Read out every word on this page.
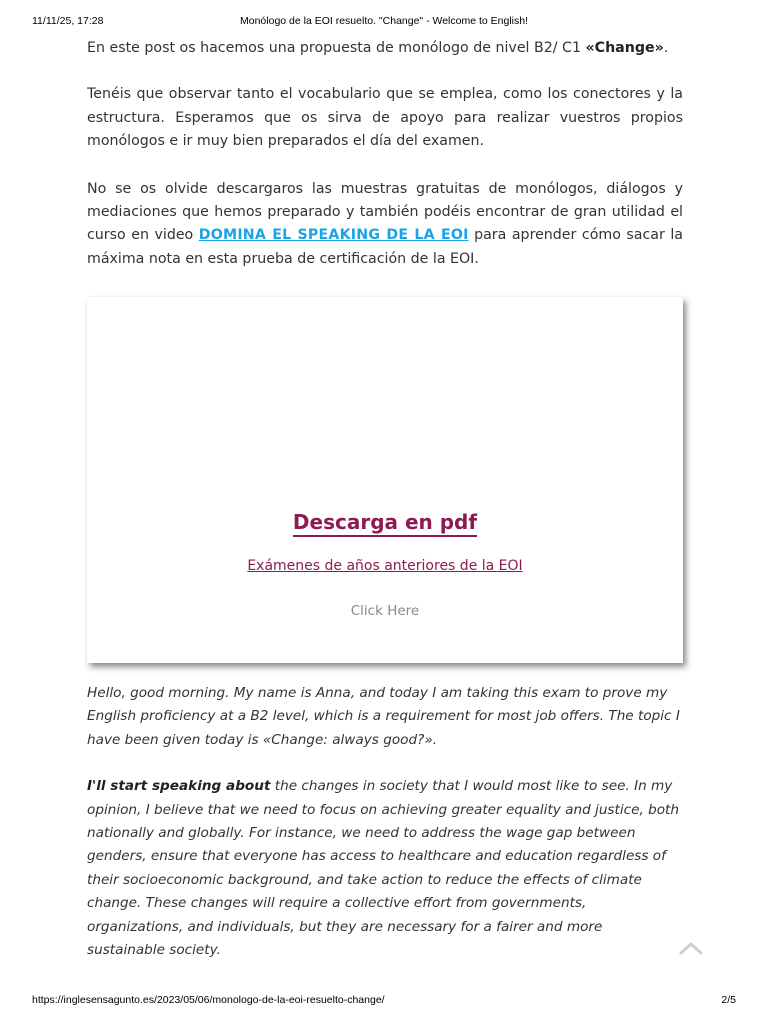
11/11/25, 17:28	Monólogo de la EOI resuelto. "Change" - Welcome to English!

En este post os hacemos una propuesta de monólogo de nivel B2/ C1 «Change».

Tenéis que observar tanto el vocabulario que se emplea, como los conectores y la estructura. Esperamos que os sirva de apoyo para realizar vuestros propios monólogos e ir muy bien preparados el día del examen.

No se os olvide descargaros las muestras gratuitas de monólogos, diálogos y mediaciones que hemos preparado y también podéis encontrar de gran utilidad el curso en video DOMINA EL SPEAKING DE LA EOI para aprender cómo sacar la máxima nota en esta prueba de certificación de la EOI.

Descarga en pdf
Exámenes de años anteriores de la EOI
Click Here

Hello, good morning. My name is Anna, and today I am taking this exam to prove my English proficiency at a B2 level, which is a requirement for most job offers. The topic I have been given today is «Change: always good?».

I'll start speaking about the changes in society that I would most like to see. In my opinion, I believe that we need to focus on achieving greater equality and justice, both nationally and globally. For instance, we need to address the wage gap between genders, ensure that everyone has access to healthcare and education regardless of their socioeconomic background, and take action to reduce the effects of climate change. These changes will require a collective effort from governments, organizations, and individuals, but they are necessary for a fairer and more sustainable society.

https://inglesensagunto.es/2023/05/06/monologo-de-la-eoi-resuelto-change/	2/5
